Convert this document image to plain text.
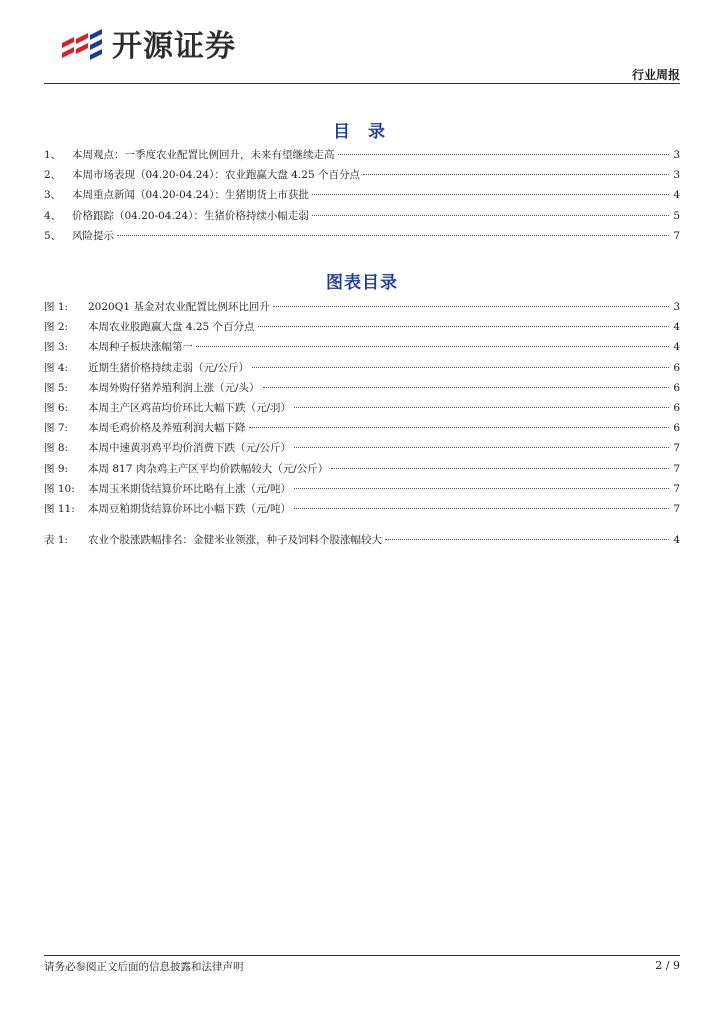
开源证券
行业周报
目 录
1、	本周观点：一季度农业配置比例回升，未来有望继续走高	3
2、	本周市场表现（04.20-04.24）：农业跑赢大盘 4.25 个百分点	3
3、	本周重点新闻（04.20-04.24）：生猪期货上市获批	4
4、	价格跟踪（04.20-04.24）：生猪价格持续小幅走弱	5
5、	风险提示	7
图表目录
图 1:	2020Q1 基金对农业配置比例环比回升	3
图 2:	本周农业股跑赢大盘 4.25 个百分点	4
图 3:	本周种子板块涨幅第一	4
图 4:	近期生猪价格持续走弱（元/公斤）	6
图 5:	本周外购仔猪养殖利润上涨（元/头）	6
图 6:	本周主产区鸡苗均价环比大幅下跌（元/羽）	6
图 7:	本周毛鸡价格及养殖利润大幅下降	6
图 8:	本周中速黄羽鸡平均价消费下跌（元/公斤）	7
图 9:	本周 817 肉杂鸡主产区平均价跌幅较大（元/公斤）	7
图 10:	本周玉米期货结算价环比略有上涨（元/吨）	7
图 11:	本周豆粕期货结算价环比小幅下跌（元/吨）	7
表 1:	农业个股涨跌幅排名：金健米业领涨，种子及饲料个股涨幅较大	4
请务必参阅正文后面的信息披露和法律声明	2 / 9
